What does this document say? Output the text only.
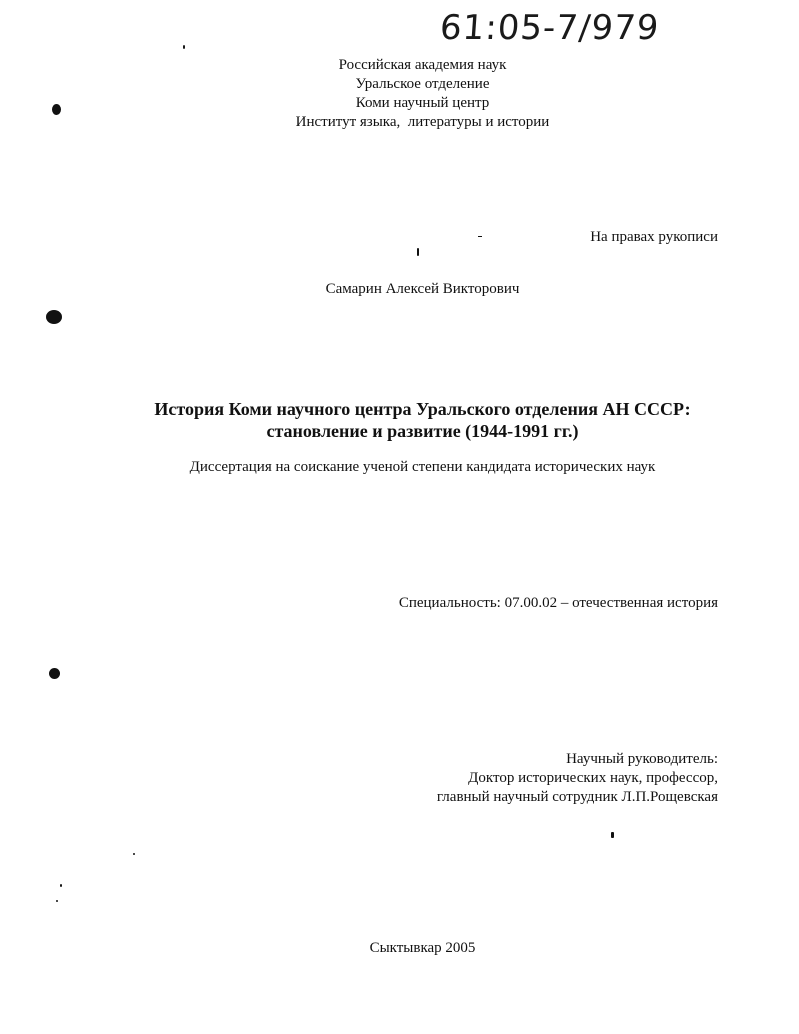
61:05-7/979
Российская академия наук
Уральское отделение
Коми научный центр
Институт языка,  литературы и истории
На правах рукописи
Самарин Алексей Викторович
История Коми научного центра Уральского отделения АН СССР:
становление и развитие (1944-1991 гг.)
Диссертация на соискание ученой степени кандидата исторических наук
Специальность: 07.00.02 – отечественная история
Научный руководитель:
Доктор исторических наук, профессор,
главный научный сотрудник Л.П.Рощевская
Сыктывкар 2005
